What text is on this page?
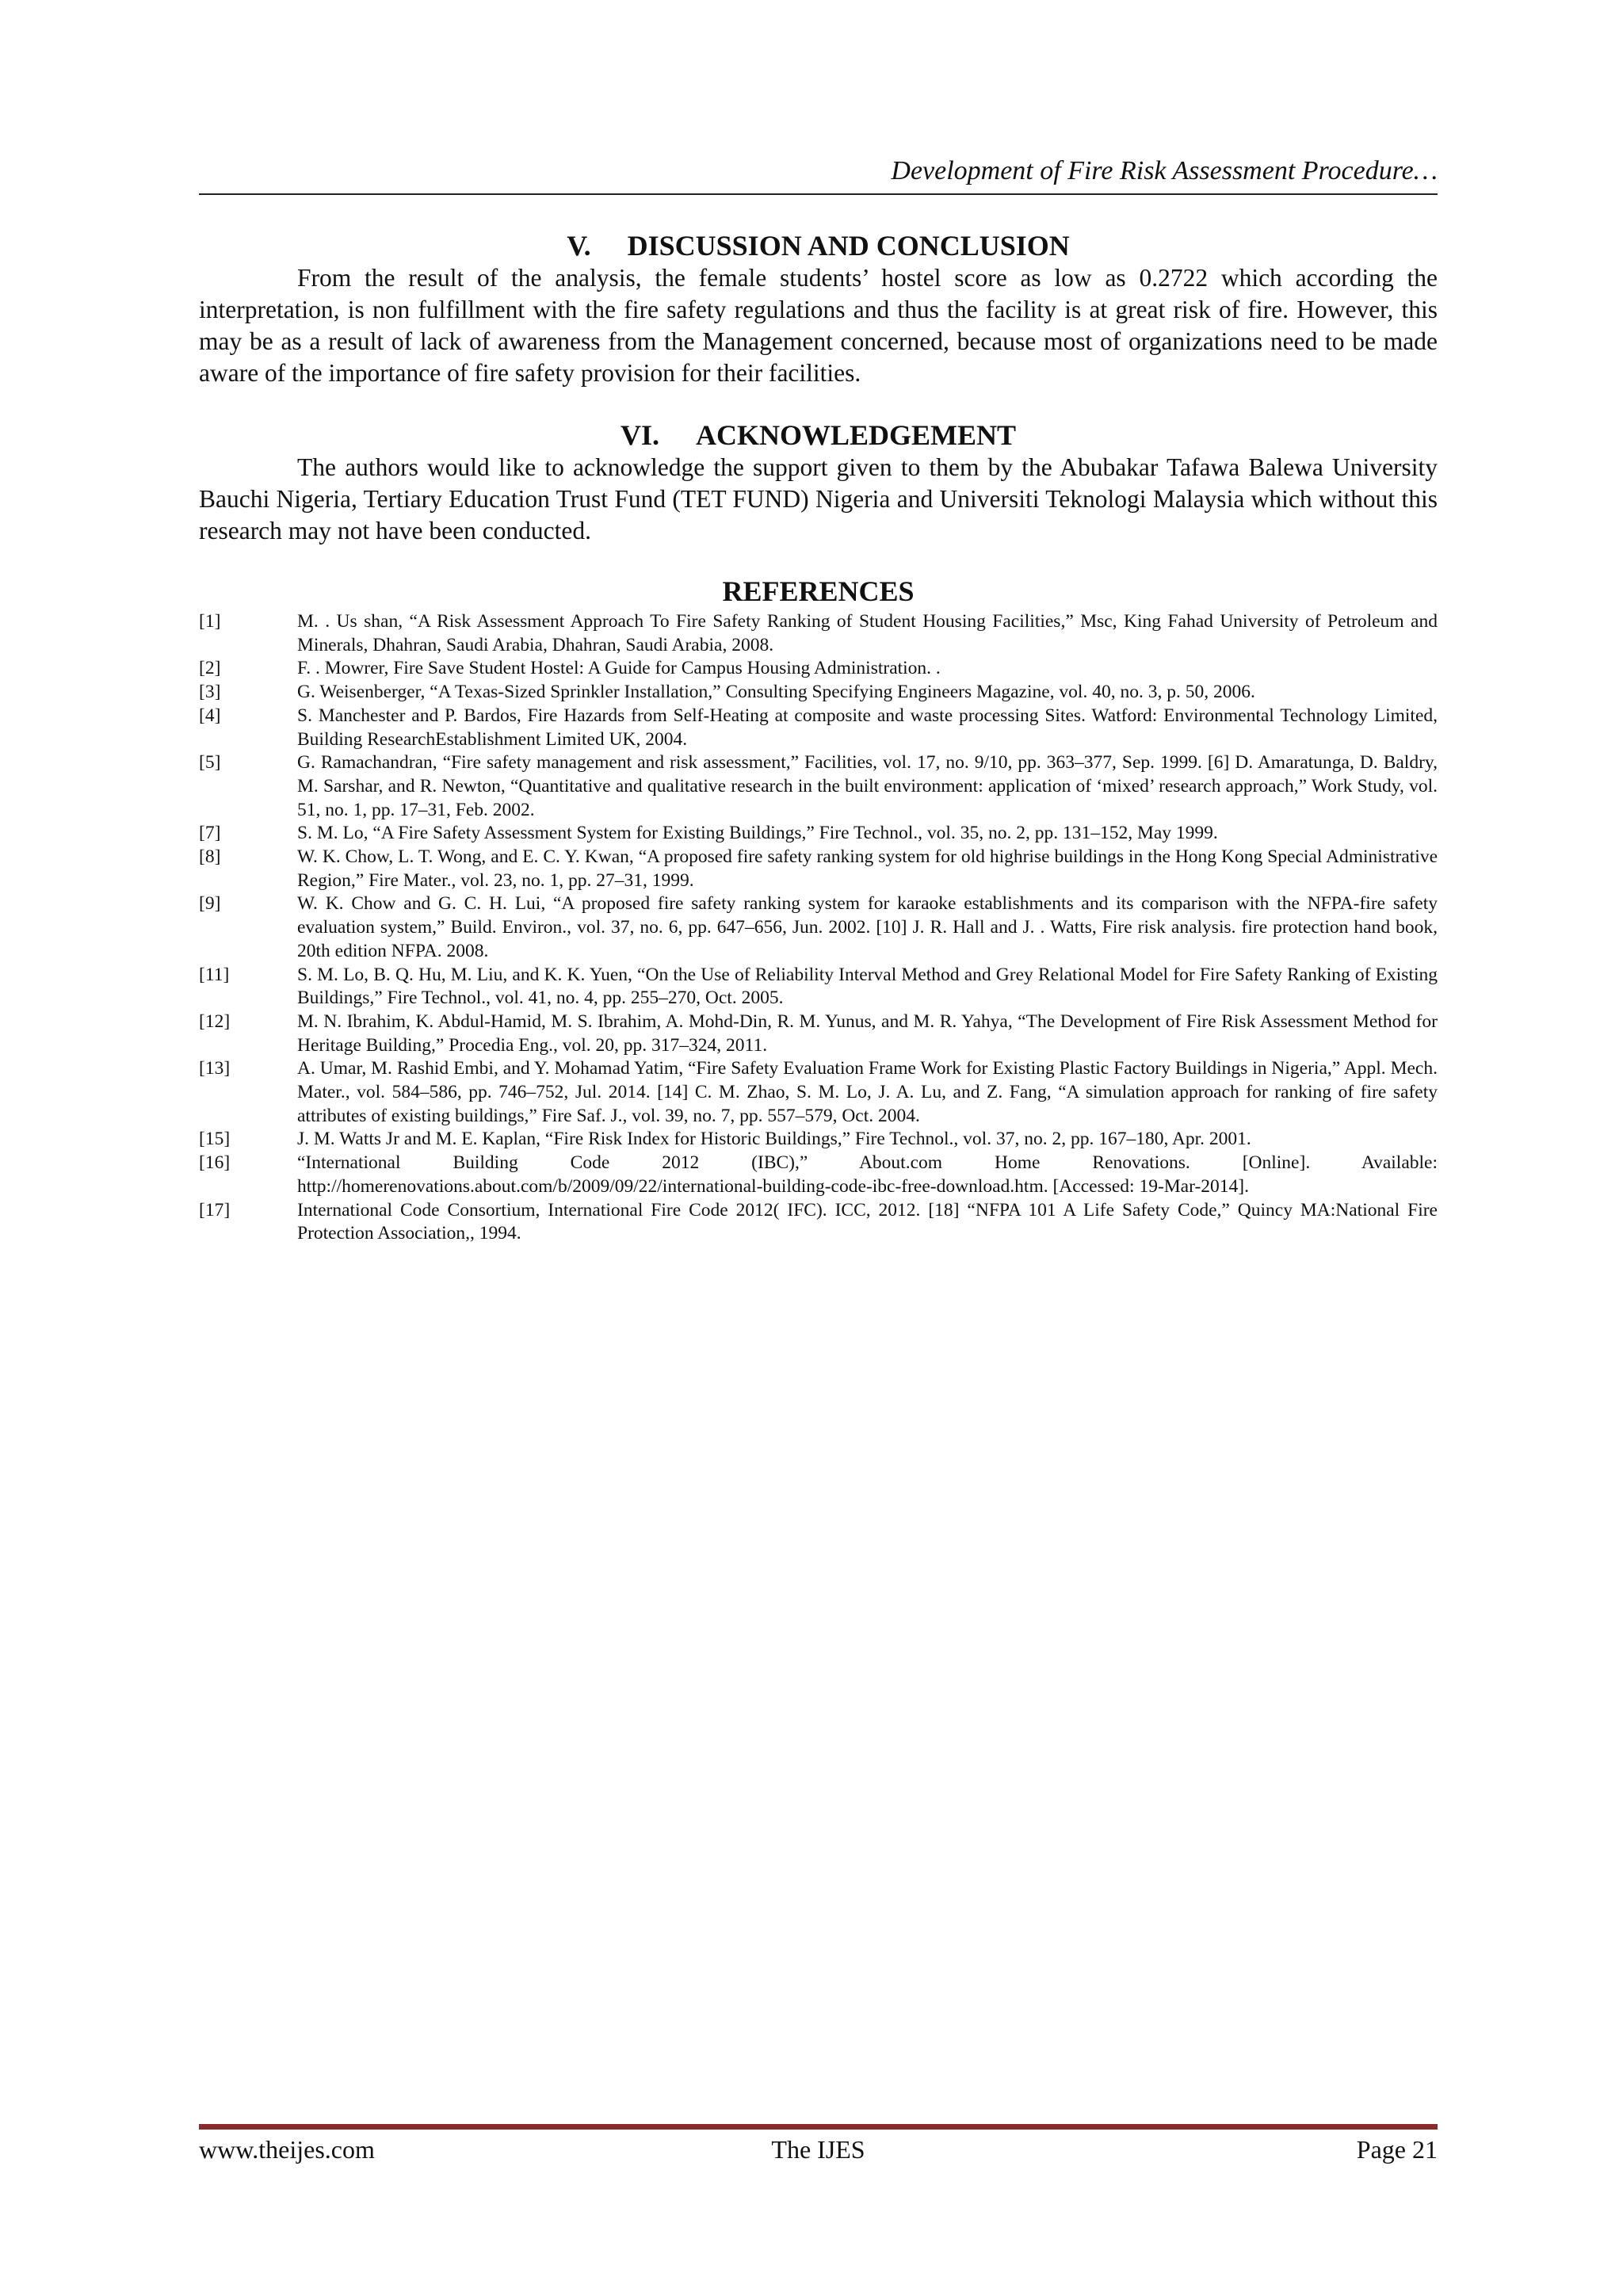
Development of Fire Risk Assessment Procedure…
V. DISCUSSION AND CONCLUSION

From the result of the analysis, the female students’ hostel score as low as 0.2722 which according the interpretation, is non fulfillment with the fire safety regulations and thus the facility is at great risk of fire. However, this may be as a result of lack of awareness from the Management concerned, because most of organizations need to be made aware of the importance of fire safety provision for their facilities.

VI. ACKNOWLEDGEMENT

The authors would like to acknowledge the support given to them by the Abubakar Tafawa Balewa University Bauchi Nigeria, Tertiary Education Trust Fund (TET FUND) Nigeria and Universiti Teknologi Malaysia which without this research may not have been conducted.

REFERENCES
[1]	M. . Us shan, “A Risk Assessment Approach To Fire Safety Ranking of Student Housing Facilities,” Msc, King Fahad University of Petroleum and Minerals, Dhahran, Saudi Arabia, Dhahran, Saudi Arabia, 2008.
[2]	F. . Mowrer, Fire Save Student Hostel: A Guide for Campus Housing Administration. .
[3]	G. Weisenberger, “A Texas-Sized Sprinkler Installation,” Consulting Specifying Engineers Magazine, vol. 40, no. 3, p. 50, 2006.
[4]	S. Manchester and P. Bardos, Fire Hazards from Self-Heating at composite and waste processing Sites. Watford: Environmental Technology Limited, Building ResearchEstablishment Limited UK, 2004.
[5]	G. Ramachandran, “Fire safety management and risk assessment,” Facilities, vol. 17, no. 9/10, pp. 363–377, Sep. 1999. [6] D. Amaratunga, D. Baldry, M. Sarshar, and R. Newton, “Quantitative and qualitative research in the built environment: application of ‘mixed’ research approach,” Work Study, vol. 51, no. 1, pp. 17–31, Feb. 2002.
[7]	S. M. Lo, “A Fire Safety Assessment System for Existing Buildings,” Fire Technol., vol. 35, no. 2, pp. 131–152, May 1999.
[8]	W. K. Chow, L. T. Wong, and E. C. Y. Kwan, “A proposed fire safety ranking system for old highrise buildings in the Hong Kong Special Administrative Region,” Fire Mater., vol. 23, no. 1, pp. 27–31, 1999.
[9]	W. K. Chow and G. C. H. Lui, “A proposed fire safety ranking system for karaoke establishments and its comparison with the NFPA-fire safety evaluation system,” Build. Environ., vol. 37, no. 6, pp. 647–656, Jun. 2002. [10] J. R. Hall and J. . Watts, Fire risk analysis. fire protection hand book, 20th edition NFPA. 2008.
[11]	S. M. Lo, B. Q. Hu, M. Liu, and K. K. Yuen, “On the Use of Reliability Interval Method and Grey Relational Model for Fire Safety Ranking of Existing Buildings,” Fire Technol., vol. 41, no. 4, pp. 255–270, Oct. 2005.
[12]	M. N. Ibrahim, K. Abdul-Hamid, M. S. Ibrahim, A. Mohd-Din, R. M. Yunus, and M. R. Yahya, “The Development of Fire Risk Assessment Method for Heritage Building,” Procedia Eng., vol. 20, pp. 317–324, 2011.
[13]	A. Umar, M. Rashid Embi, and Y. Mohamad Yatim, “Fire Safety Evaluation Frame Work for Existing Plastic Factory Buildings in Nigeria,” Appl. Mech. Mater., vol. 584–586, pp. 746–752, Jul. 2014. [14] C. M. Zhao, S. M. Lo, J. A. Lu, and Z. Fang, “A simulation approach for ranking of fire safety attributes of existing buildings,” Fire Saf. J., vol. 39, no. 7, pp. 557–579, Oct. 2004.
[15]	J. M. Watts Jr and M. E. Kaplan, “Fire Risk Index for Historic Buildings,” Fire Technol., vol. 37, no. 2, pp. 167–180, Apr. 2001.
[16]	“International Building Code 2012 (IBC),” About.com Home Renovations. [Online]. Available: http://homerenovations.about.com/b/2009/09/22/international-building-code-ibc-free-download.htm. [Accessed: 19-Mar-2014].
[17]	International Code Consortium, International Fire Code 2012( IFC). ICC, 2012. [18] “NFPA 101 A Life Safety Code,” Quincy MA:National Fire Protection Association,, 1994.
www.theijes.com	The IJES	Page 21
